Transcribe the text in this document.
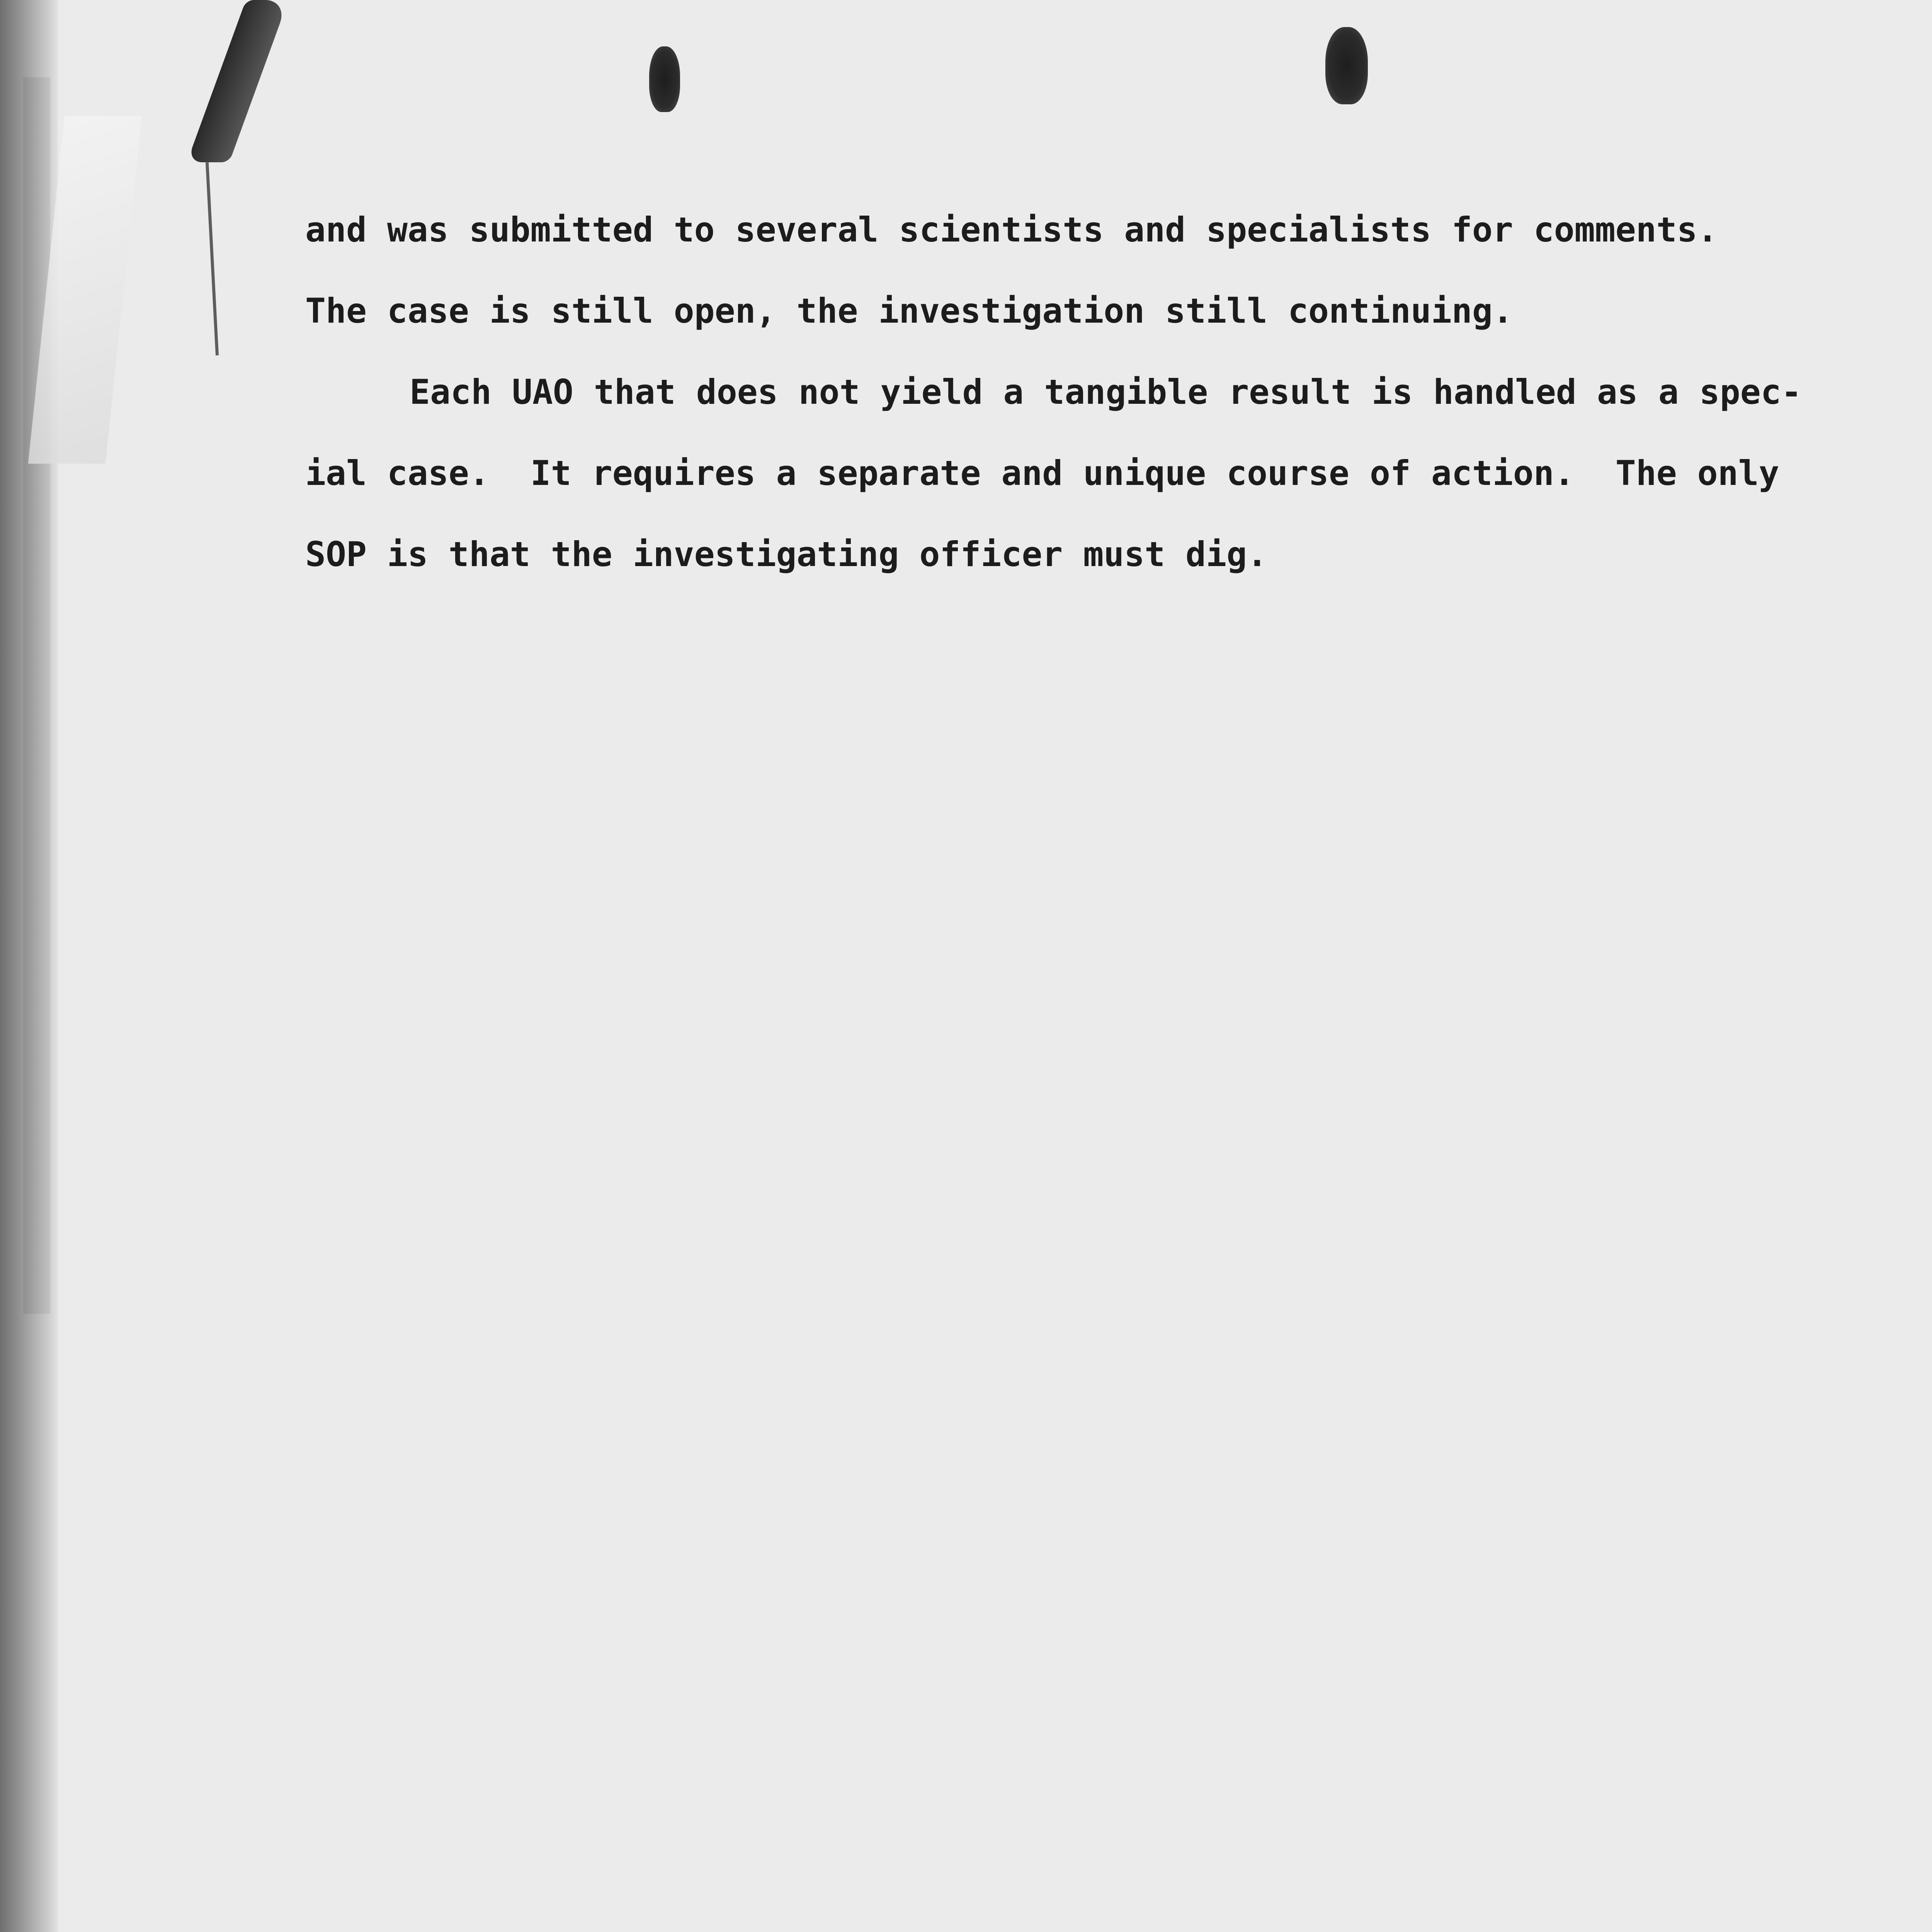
and was submitted to several scientists and specialists for comments.
The case is still open, the investigation still continuing.
Each UAO that does not yield a tangible result is handled as a spec-
ial case.  It requires a separate and unique course of action.  The only
SOP is that the investigating officer must dig.
